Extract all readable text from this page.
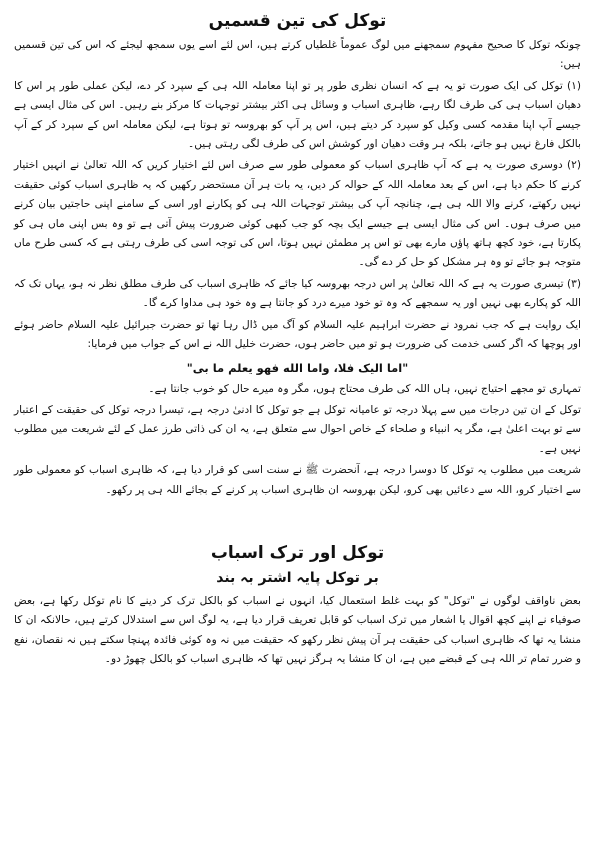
توکل کی تین قسمیں

چونکہ توکل کا صحیح مفہوم سمجھنے میں لوگ عموماً غلطیاں کرتے ہیں، اس لئے اسے یوں سمجھ لیجئے کہ اس کی تین قسمیں ہیں:

(۱) توکل کی ایک صورت تو یہ ہے کہ انسان نظری طور پر تو اپنا معاملہ اللہ ہی کے سپرد کر دے، لیکن عملی طور پر اس کا دھیان اسباب ہی کی طرف لگا رہے، ظاہری اسباب و وسائل ہی اکثر بیشتر توجہات کا مرکز بنے رہیں۔ اس کی مثال ایسی ہے جیسے آپ اپنا مقدمہ کسی وکیل کو سپرد کر دیتے ہیں، اس پر آپ کو بھروسہ تو ہوتا ہے، لیکن معاملہ اس کے سپرد کر کے آپ بالکل فارغ نہیں ہو جاتے، بلکہ ہر وقت دھیان اور کوشش اس کی طرف لگی رہتی ہیں۔

(۲) دوسری صورت یہ ہے کہ آپ ظاہری اسباب کو معمولی طور سے صرف اس لئے اختیار کریں کہ اللہ تعالیٰ نے انہیں اختیار کرنے کا حکم دیا ہے، اس کے بعد معاملہ اللہ کے حوالہ کر دیں، یہ بات ہر آن مستحضر رکھیں کہ یہ ظاہری اسباب کوئی حقیقت نہیں رکھتے، کرنے والا اللہ ہی ہے، چنانچہ آپ کی بیشتر توجہات اللہ ہی کو پکارنے اور اسی کے سامنے اپنی حاجتیں بیان کرنے میں صرف ہوں۔ اس کی مثال ایسی ہے جیسے ایک بچہ کو جب کبھی کوئی ضرورت پیش آتی ہے تو وہ بس اپنی ماں ہی کو پکارتا ہے، خود کچھ ہاتھ پاؤں مارے بھی تو اس پر مطمئن نہیں ہوتا، اس کی توجہ اسی کی طرف رہتی ہے کہ کسی طرح ماں متوجہ ہو جائے تو وہ ہر مشکل کو حل کر دے گی۔

(۳) تیسری صورت یہ ہے کہ اللہ تعالیٰ پر اس درجہ بھروسہ کیا جائے کہ ظاہری اسباب کی طرف مطلق نظر نہ ہو، یہاں تک کہ اللہ کو پکارے بھی نہیں اور یہ سمجھے کہ وہ تو خود میرے درد کو جانتا ہے وہ خود ہی مداوا کرے گا۔

ایک روایت ہے کہ جب نمرود نے حضرت ابراہیم علیہ السلام کو آگ میں ڈال رہا تھا تو حضرت جبرائیل علیہ السلام حاضر ہوئے اور پوچھا کہ اگر کسی خدمت کی ضرورت ہو تو میں حاضر ہوں، حضرت خلیل اللہ نے اس کے جواب میں فرمایا:

"اما الیک فلا، واما الله فهو یعلم ما بی"

تمہاری تو مجھے احتیاج نہیں، ہاں اللہ کی طرف محتاج ہوں، مگر وہ میرے حال کو خوب جانتا ہے۔

توکل کے ان تین درجات میں سے پہلا درجہ تو عامیانہ توکل ہے جو توکل کا ادنیٰ درجہ ہے، تیسرا درجہ توکل کی حقیقت کے اعتبار سے تو بہت اعلیٰ ہے، مگر یہ انبیاء و صلحاء کے خاص احوال سے متعلق ہے، یہ ان کی ذاتی طرز عمل کے لئے شریعت میں مطلوب نہیں ہے۔

شریعت میں مطلوب یہ توکل کا دوسرا درجہ ہے، آنحضرت ﷺ نے سنت اسی کو قرار دیا ہے، کہ ظاہری اسباب کو معمولی طور سے اختیار کرو، اللہ سے دعائیں بھی کرو، لیکن بھروسہ ان ظاہری اسباب پر کرنے کے بجائے اللہ ہی پر رکھو۔

توکل اور ترک اسباب
بر توکل پایہ اشتر بہ بند

بعض ناواقف لوگوں نے "توکل" کو بہت غلط استعمال کیا، انہوں نے اسباب کو بالکل ترک کر دینے کا نام توکل رکھا ہے، بعض صوفیاء نے اپنے کچھ اقوال یا اشعار میں ترک اسباب کو قابل تعریف قرار دیا ہے، یہ لوگ اس سے استدلال کرتے ہیں، حالانکہ ان کا منشا یہ تھا کہ ظاہری اسباب کی حقیقت ہر آن پیش نظر رکھو کہ حقیقت میں نہ وہ کوئی فائدہ پہنچا سکتے ہیں نہ نقصان، نفع و ضرر تمام تر اللہ ہی کے قبضے میں ہے، ان کا منشا یہ ہرگز نہیں تھا کہ ظاہری اسباب کو بالکل چھوڑ دو۔
